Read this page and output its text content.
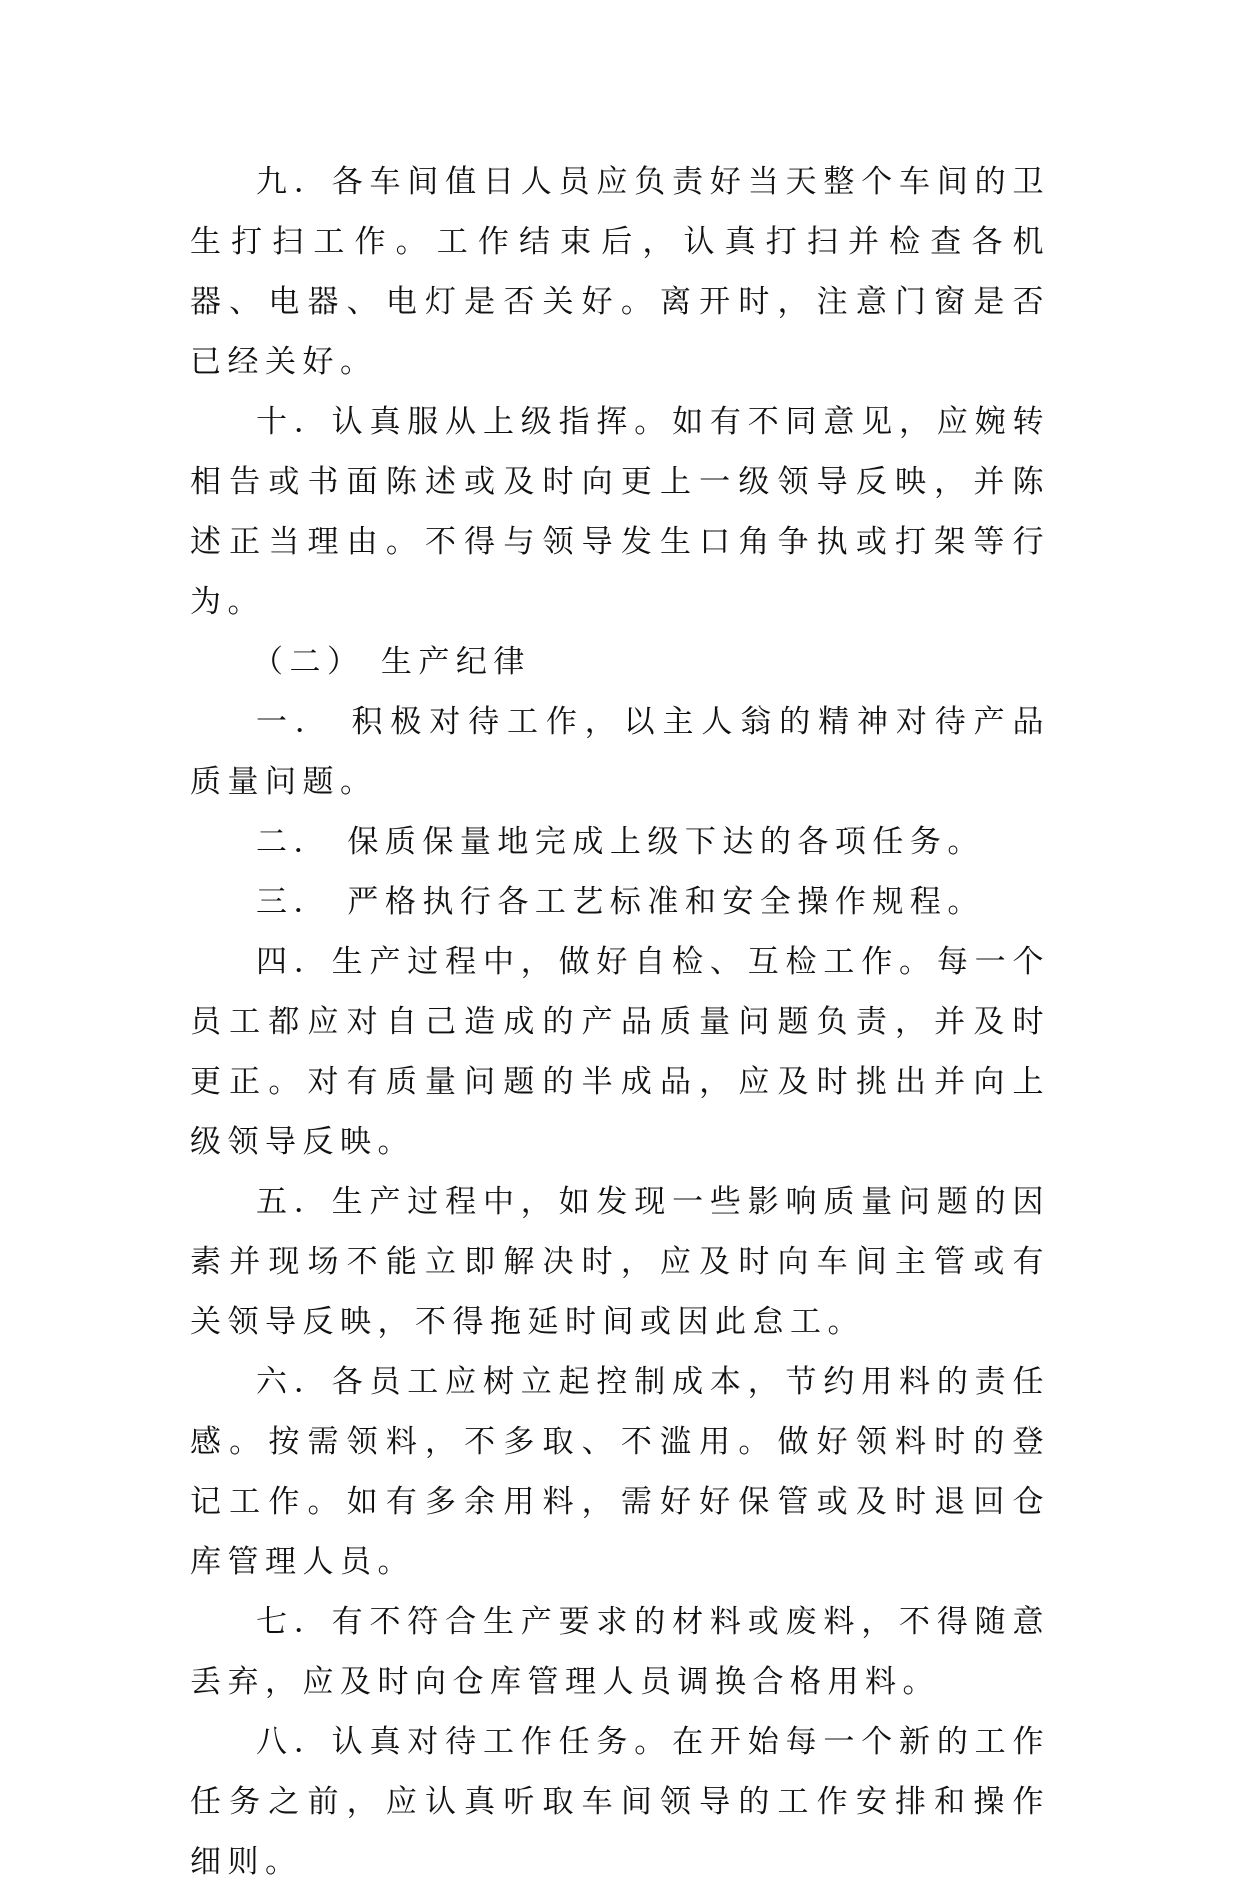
九．各车间值日人员应负责好当天整个车间的卫生打扫工作。工作结束后，认真打扫并检查各机器、电器、电灯是否关好。离开时，注意门窗是否已经关好。

十．认真服从上级指挥。如有不同意见，应婉转相告或书面陈述或及时向更上一级领导反映，并陈述正当理由。不得与领导发生口角争执或打架等行为。

（二） 生产纪律

一． 积极对待工作，以主人翁的精神对待产品质量问题。

二． 保质保量地完成上级下达的各项任务。

三． 严格执行各工艺标准和安全操作规程。

四．生产过程中，做好自检、互检工作。每一个员工都应对自己造成的产品质量问题负责，并及时更正。对有质量问题的半成品，应及时挑出并向上级领导反映。

五．生产过程中，如发现一些影响质量问题的因素并现场不能立即解决时，应及时向车间主管或有关领导反映，不得拖延时间或因此怠工。

六．各员工应树立起控制成本，节约用料的责任感。按需领料，不多取、不滥用。做好领料时的登记工作。如有多余用料，需好好保管或及时退回仓库管理人员。

七．有不符合生产要求的材料或废料，不得随意丢弃，应及时向仓库管理人员调换合格用料。

八．认真对待工作任务。在开始每一个新的工作任务之前，应认真听取车间领导的工作安排和操作细则。
